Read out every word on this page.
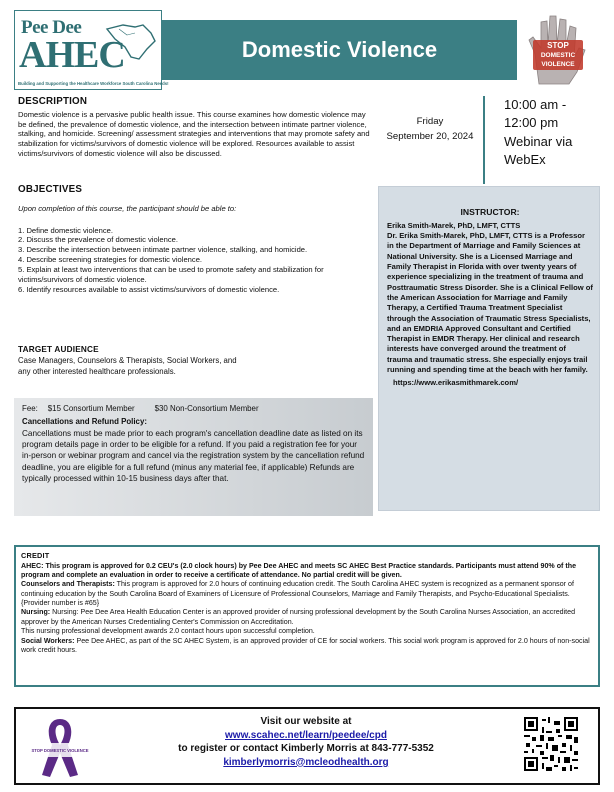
Pee Dee
AHEC
Building and Supporting the Healthcare Workforce South Carolina Needs!
Domestic Violence	STOP
DOMESTIC
VIOLENCE
DESCRIPTION
Domestic violence is a pervasive public health issue. This course examines how domestic violence may be defined, the prevalence of domestic violence, and the intersection between intimate partner violence, stalking, and homicide. Screening/ assessment strategies and interventions that may promote safety and stabilization for victims/survivors of domestic violence will be explored. Resources available to assist victims/survivors of domestic violence will also be discussed.
Friday
September 20, 2024
10:00 am -
12:00 pm
Webinar via
WebEx
OBJECTIVES
Upon completion of this course, the participant should be able to:
1. Define domestic violence.
2. Discuss the prevalence of domestic violence.
3. Describe the intersection between intimate partner violence, stalking, and homicide.
4. Describe screening strategies for domestic violence.
5. Explain at least two interventions that can be used to promote safety and stabilization for victims/survivors of domestic violence.
6. Identify resources available to assist victims/survivors of domestic violence.
TARGET AUDIENCE
Case Managers, Counselors & Therapists, Social Workers, and
any other interested healthcare professionals.
INSTRUCTOR:
Erika Smith-Marek, PhD, LMFT, CTTS
Dr. Erika Smith-Marek, PhD, LMFT, CTTS is a Professor in the Department of Marriage and Family Sciences at National University. She is a Licensed Marriage and Family Therapist in Florida with over twenty years of experience specializing in the treatment of trauma and Posttraumatic Stress Disorder. She is a Clinical Fellow of the American Association for Marriage and Family Therapy, a Certified Trauma Treatment Specialist through the Association of Traumatic Stress Specialists, and an EMDRIA Approved Consultant and Certified Therapist in EMDR Therapy. Her clinical and research interests have converged around the treatment of trauma and traumatic stress. She especially enjoys trail running and spending time at the beach with her family.
https://www.erikasmithmarek.com/
Fee: $15 Consortium Member	$30 Non-Consortium Member
Cancellations and Refund Policy:
Cancellations must be made prior to each program's cancellation deadline date as listed on its program details page in order to be eligible for a refund. If you paid a registration fee for your in-person or webinar program and cancel via the registration system by the cancellation refund deadline, you are eligible for a full refund (minus any material fee, if applicable) Refunds are typically processed within 10-15 business days after that.
CREDIT
AHEC: This program is approved for 0.2 CEU's (2.0 clock hours) by Pee Dee AHEC and meets SC AHEC Best Practice standards. Participants must attend 90% of the program and complete an evaluation in order to receive a certificate of attendance. No partial credit will be given.
Counselors and Therapists: This program is approved for 2.0 hours of continuing education credit. The South Carolina AHEC system is recognized as a permanent sponsor of continuing education by the South Carolina Board of Examiners of Licensure of Professional Counselors, Marriage and Family Therapists, and Psycho-Educational Specialists. {Provider number is #65}
Nursing: Nursing: Pee Dee Area Health Education Center is an approved provider of nursing professional development by the South Carolina Nurses Association, an accredited approver by the American Nurses Credentialing Center's Commission on Accreditation.
This nursing professional development awards 2.0 contact hours upon successful completion.
Social Workers: Pee Dee AHEC, as part of the SC AHEC System, is an approved provider of CE for social workers. This social work program is approved for 2.0 hours of non-social work credit hours.
STOP DOMESTIC VIOLENCE
Visit our website at
www.scahec.net/learn/peedee/cpd
to register or contact Kimberly Morris at 843-777-5352
kimberlymorris@mcleodhealth.org
